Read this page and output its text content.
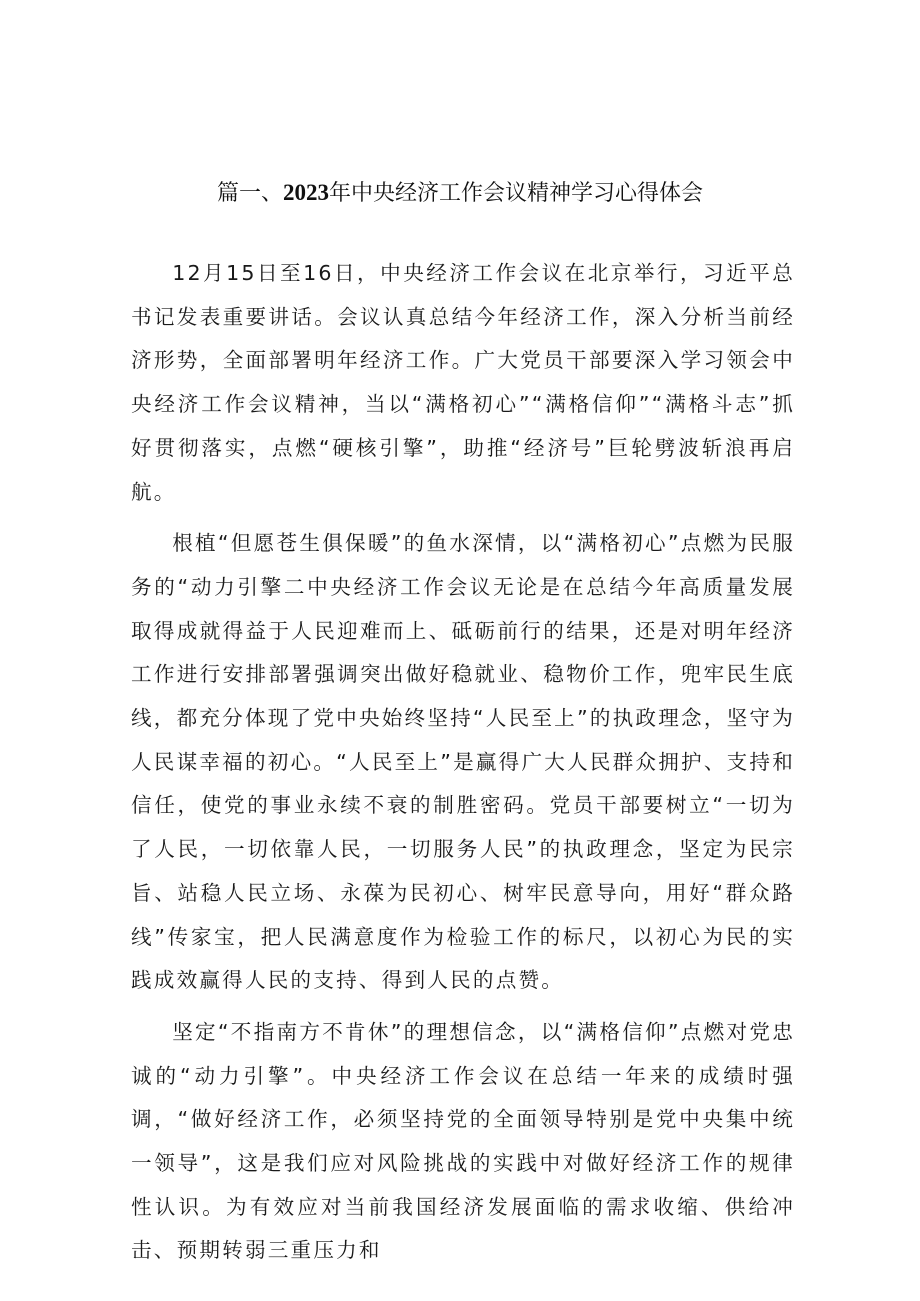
篇一、2023年中央经济工作会议精神学习心得体会

12月15日至16日，中央经济工作会议在北京举行，习近平总书记发表重要讲话。会议认真总结今年经济工作，深入分析当前经济形势，全面部署明年经济工作。广大党员干部要深入学习领会中央经济工作会议精神，当以“满格初心”“满格信仰”“满格斗志”抓好贯彻落实，点燃“硬核引擎”，助推“经济号”巨轮劈波斩浪再启航。

根植“但愿苍生俱保暖”的鱼水深情，以“满格初心”点燃为民服务的“动力引擎二中央经济工作会议无论是在总结今年高质量发展取得成就得益于人民迎难而上、砥砺前行的结果，还是对明年经济工作进行安排部署强调突出做好稳就业、稳物价工作，兜牢民生底线，都充分体现了党中央始终坚持“人民至上”的执政理念，坚守为人民谋幸福的初心。“人民至上”是赢得广大人民群众拥护、支持和信任，使党的事业永续不衰的制胜密码。党员干部要树立“一切为了人民，一切依靠人民，一切服务人民”的执政理念，坚定为民宗旨、站稳人民立场、永葆为民初心、树牢民意导向，用好“群众路线”传家宝，把人民满意度作为检验工作的标尺，以初心为民的实践成效赢得人民的支持、得到人民的点赞。

坚定“不指南方不肯休”的理想信念，以“满格信仰”点燃对党忠诚的“动力引擎”。中央经济工作会议在总结一年来的成绩时强调，“做好经济工作，必须坚持党的全面领导特别是党中央集中统一领导”，这是我们应对风险挑战的实践中对做好经济工作的规律性认识。为有效应对当前我国经济发展面临的需求收缩、供给冲击、预期转弱三重压力和
